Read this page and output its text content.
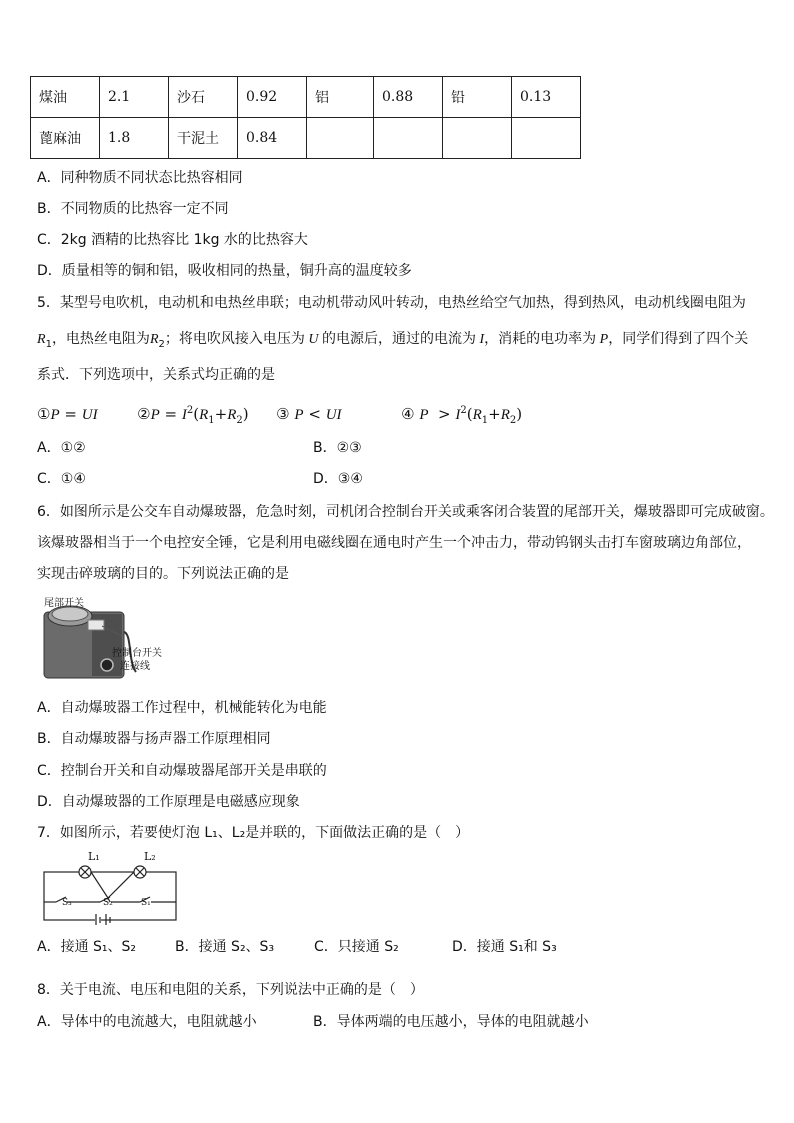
煤油	2.1	沙石	0.92	铝	0.88	铅	0.13
蓖麻油	1.8	干泥土	0.84				
A．同种物质不同状态比热容相同
B．不同物质的比热容一定不同
C．2kg 酒精的比热容比 1kg 水的比热容大
D．质量相等的铜和铝，吸收相同的热量，铜升高的温度较多
5．某型号电吹机，电动机和电热丝串联；电动机带动风叶转动，电热丝给空气加热，得到热风，电动机线圈电阻为
$R_1$，电热丝电阻为$R_2$；将电吹风接入电压为 U 的电源后，通过的电流为 I，消耗的电功率为 P，同学们得到了四个关
系式．下列选项中，关系式均正确的是
①P = UI	②P = $I^2(R_1+R_2)$  ③ P < UI	④ $P > I^2(R_1+R_2)$
A．①②	B．②③
C．①④	D．③④
6．如图所示是公交车自动爆玻器，危急时刻，司机闭合控制台开关或乘客闭合装置的尾部开关，爆玻器即可完成破窗。
该爆玻器相当于一个电控安全锤，它是利用电磁线圈在通电时产生一个冲击力，带动钨钢头击打车窗玻璃边角部位，
实现击碎玻璃的目的。下列说法正确的是
尾部开关
控制台开关
连接线
A．自动爆玻器工作过程中，机械能转化为电能
B．自动爆玻器与扬声器工作原理相同
C．控制台开关和自动爆玻器尾部开关是串联的
D．自动爆玻器的工作原理是电磁感应现象
7．如图所示，若要使灯泡 L₁、L₂是并联的，下面做法正确的是（　）
L₁	L₂
S₃	S₂	S₁
A．接通 S₁、S₂	B．接通 S₂、S₃	C．只接通 S₂	D．接通 S₁和 S₃
8．关于电流、电压和电阻的关系，下列说法中正确的是（　）
A．导体中的电流越大，电阻就越小	B．导体两端的电压越小，导体的电阻就越小
